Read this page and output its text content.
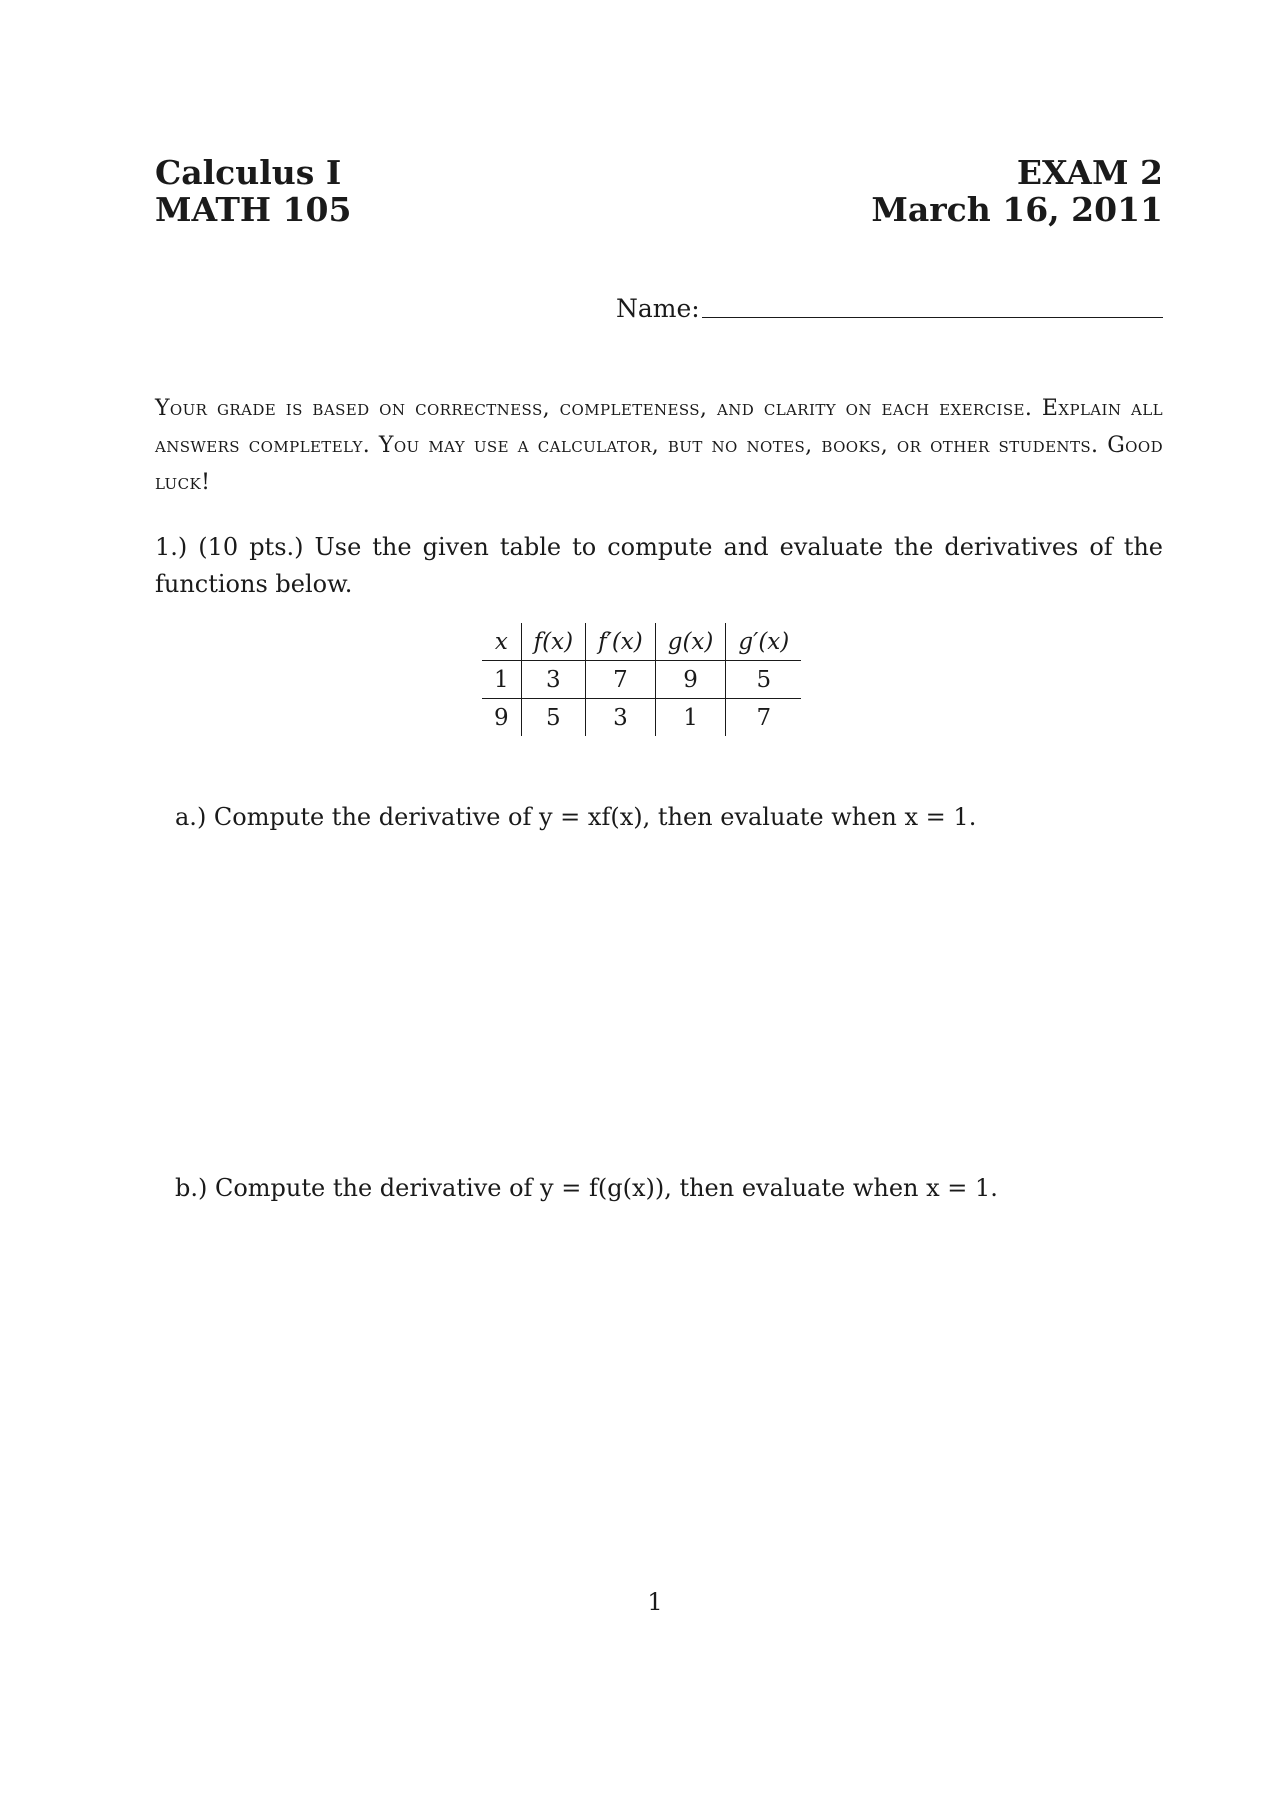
Calculus I
MATH 105
EXAM 2
March 16, 2011
Name:
Your grade is based on correctness, completeness, and clarity on each exercise. Explain all answers completely. You may use a calculator, but no notes, books, or other students. Good luck!
1.) (10 pts.) Use the given table to compute and evaluate the derivatives of the functions below.
x	f(x)	f′(x)	g(x)	g′(x)
1	3	7	9	5
9	5	3	1	7
a.) Compute the derivative of y = xf(x), then evaluate when x = 1.
b.) Compute the derivative of y = f(g(x)), then evaluate when x = 1.
1
